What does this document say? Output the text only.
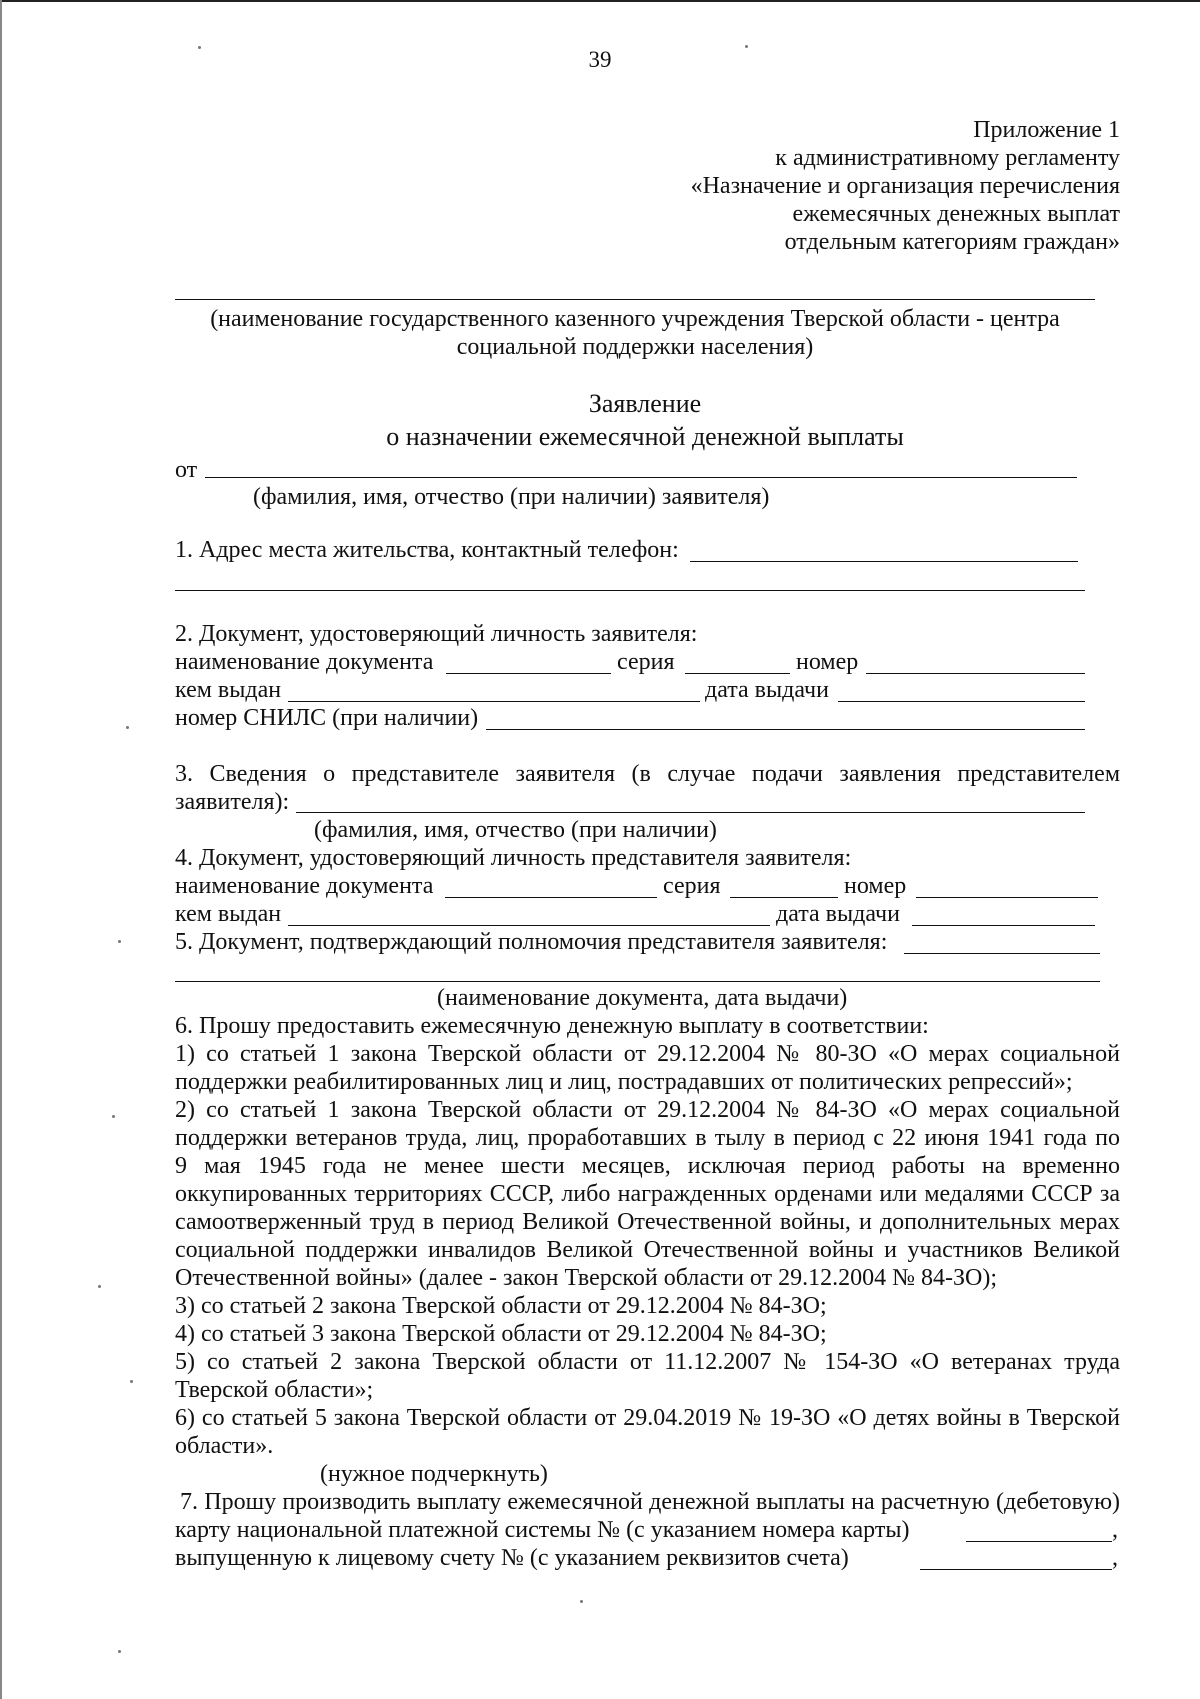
39
Приложение 1
к административному регламенту
«Назначение и организация перечисления
ежемесячных денежных выплат
отдельным категориям граждан»
(наименование государственного казенного учреждения Тверской области - центра
социальной поддержки населения)
Заявление
о назначении ежемесячной денежной выплаты
от
(фамилия, имя, отчество (при наличии) заявителя)
1. Адрес места жительства, контактный телефон:
2. Документ, удостоверяющий личность заявителя:
наименование документа	серия	номер
кем выдан	дата выдачи
номер СНИЛС (при наличии)
3. Сведения о представителе заявителя (в случае подачи заявления представителем
заявителя):
(фамилия, имя, отчество (при наличии)
4. Документ, удостоверяющий личность представителя заявителя:
наименование документа	серия	номер
кем выдан	дата выдачи
5. Документ, подтверждающий полномочия представителя заявителя:
(наименование документа, дата выдачи)
6. Прошу предоставить ежемесячную денежную выплату в соответствии:
1) со статьей 1 закона Тверской области от 29.12.2004 № 80-ЗО «О мерах социальной
поддержки реабилитированных лиц и лиц, пострадавших от политических репрессий»;
2) со статьей 1 закона Тверской области от 29.12.2004 № 84-ЗО «О мерах социальной
поддержки ветеранов труда, лиц, проработавших в тылу в период с 22 июня 1941 года по
9 мая 1945 года не менее шести месяцев, исключая период работы на временно
оккупированных территориях СССР, либо награжденных орденами или медалями СССР за
самоотверженный труд в период Великой Отечественной войны, и дополнительных мерах
социальной поддержки инвалидов Великой Отечественной войны и участников Великой
Отечественной войны» (далее - закон Тверской области от 29.12.2004 № 84-ЗО);
3) со статьей 2 закона Тверской области от 29.12.2004 № 84-ЗО;
4) со статьей 3 закона Тверской области от 29.12.2004 № 84-ЗО;
5) со статьей 2 закона Тверской области от 11.12.2007 № 154-ЗО «О ветеранах труда
Тверской области»;
6) со статьей 5 закона Тверской области от 29.04.2019 № 19-ЗО «О детях войны в Тверской
области».
(нужное подчеркнуть)
7. Прошу производить выплату ежемесячной денежной выплаты на расчетную (дебетовую)
карту национальной платежной системы № (с указанием номера карты)	,
выпущенную к лицевому счету № (с указанием реквизитов счета)	,
